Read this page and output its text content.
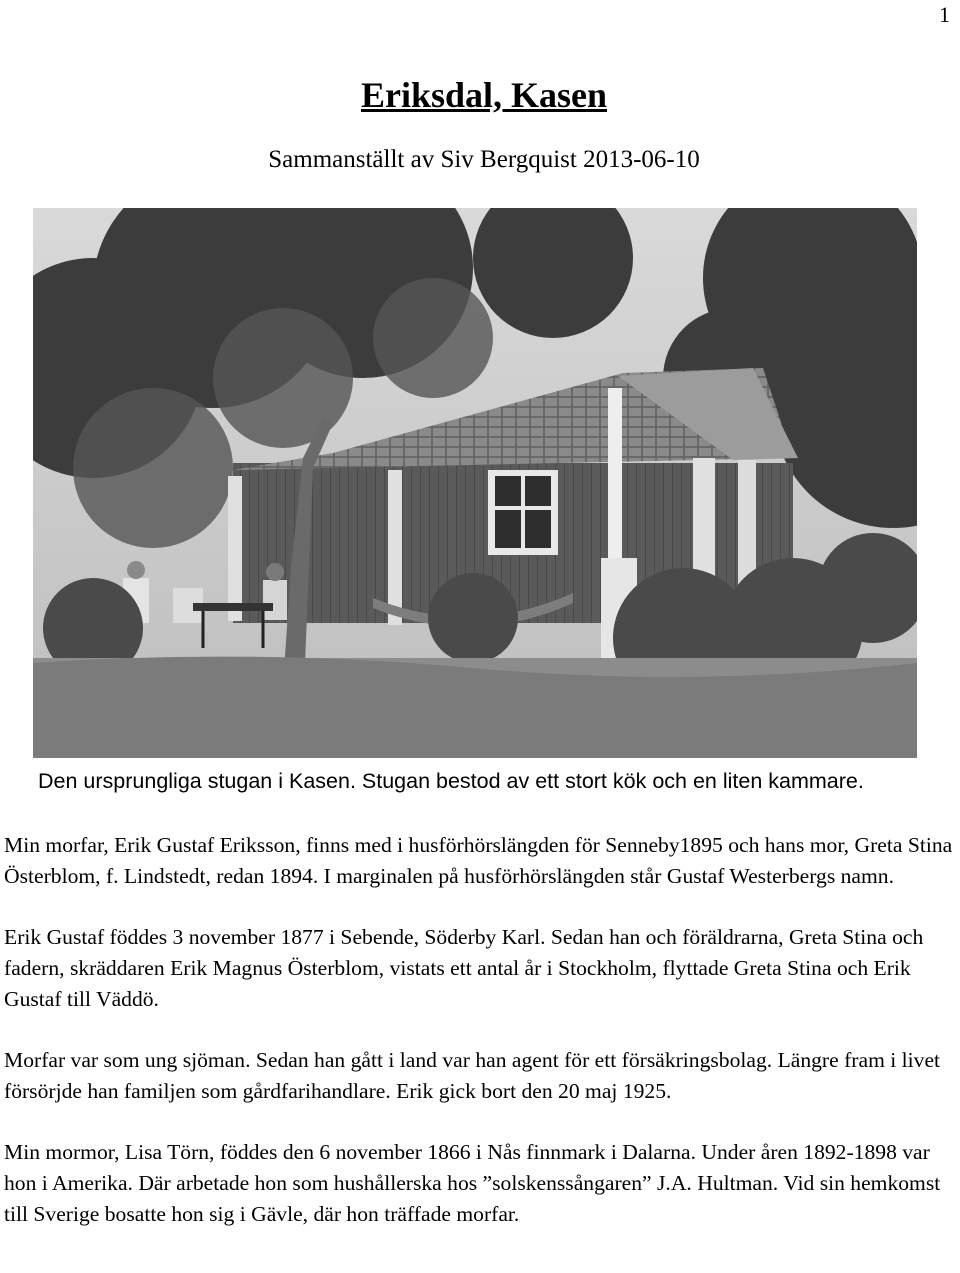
1
Eriksdal, Kasen

Sammanställt av Siv Bergquist 2013-06-10

Den ursprungliga stugan i Kasen. Stugan bestod av ett stort kök och en liten kammare.

Min morfar, Erik Gustaf Eriksson, finns med i husförhörslängden för Senneby1895 och hans mor, Greta Stina Österblom, f. Lindstedt, redan 1894. I marginalen på husförhörslängden står Gustaf Westerbergs namn.

Erik Gustaf föddes 3 november 1877 i Sebende, Söderby Karl. Sedan han och föräldrarna, Greta Stina och fadern, skräddaren Erik Magnus Österblom, vistats ett antal år i Stockholm, flyttade Greta Stina och Erik Gustaf till Väddö.

Morfar var som ung sjöman. Sedan han gått i land var han agent för ett försäkringsbolag. Längre fram i livet försörjde han familjen som gårdfarihandlare. Erik gick bort den 20 maj 1925.

Min mormor, Lisa Törn, föddes den 6 november 1866 i Nås finnmark i Dalarna. Under åren 1892-1898 var hon i Amerika. Där arbetade hon som hushållerska hos ”solskenssångaren” J.A. Hultman. Vid sin hemkomst till Sverige bosatte hon sig i Gävle, där hon träffade morfar.
